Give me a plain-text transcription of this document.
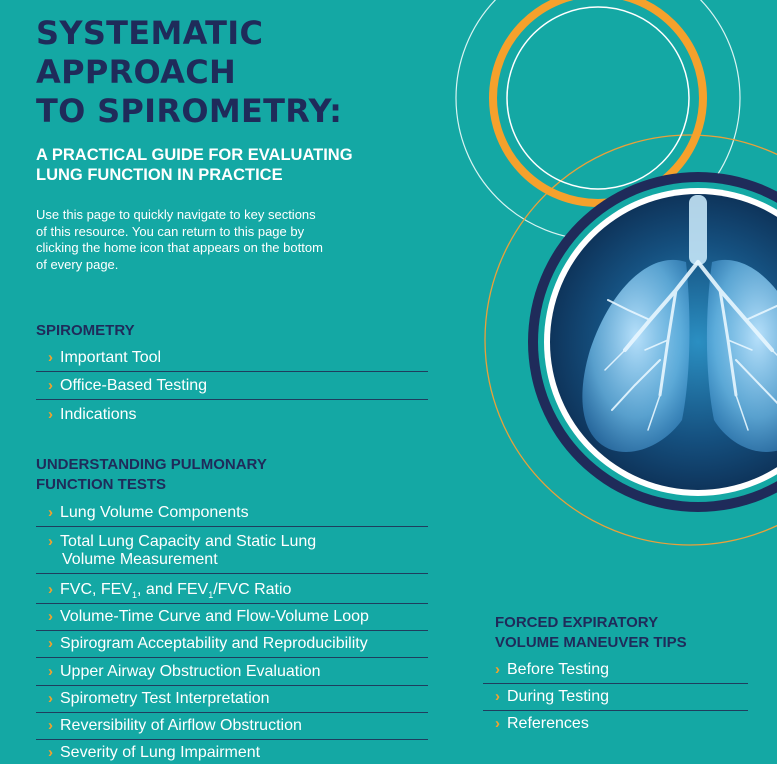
SYSTEMATIC
APPROACH
TO SPIROMETRY:
A PRACTICAL GUIDE FOR EVALUATING
LUNG FUNCTION IN PRACTICE

Use this page to quickly navigate to key sections
of this resource. You can return to this page by
clicking the home icon that appears on the bottom
of every page.

SPIROMETRY
› Important Tool
› Office-Based Testing
› Indications
UNDERSTANDING PULMONARY
FUNCTION TESTS
› Lung Volume Components
› Total Lung Capacity and Static Lung
Volume Measurement
› FVC, $FEV_1$, and $FEV_1$/FVC Ratio
› Volume-Time Curve and Flow-Volume Loop
› Spirogram Acceptability and Reproducibility
› Upper Airway Obstruction Evaluation
› Spirometry Test Interpretation
› Reversibility of Airflow Obstruction
› Severity of Lung Impairment
FORCED EXPIRATORY
VOLUME MANEUVER TIPS
› Before Testing
› During Testing
› References
